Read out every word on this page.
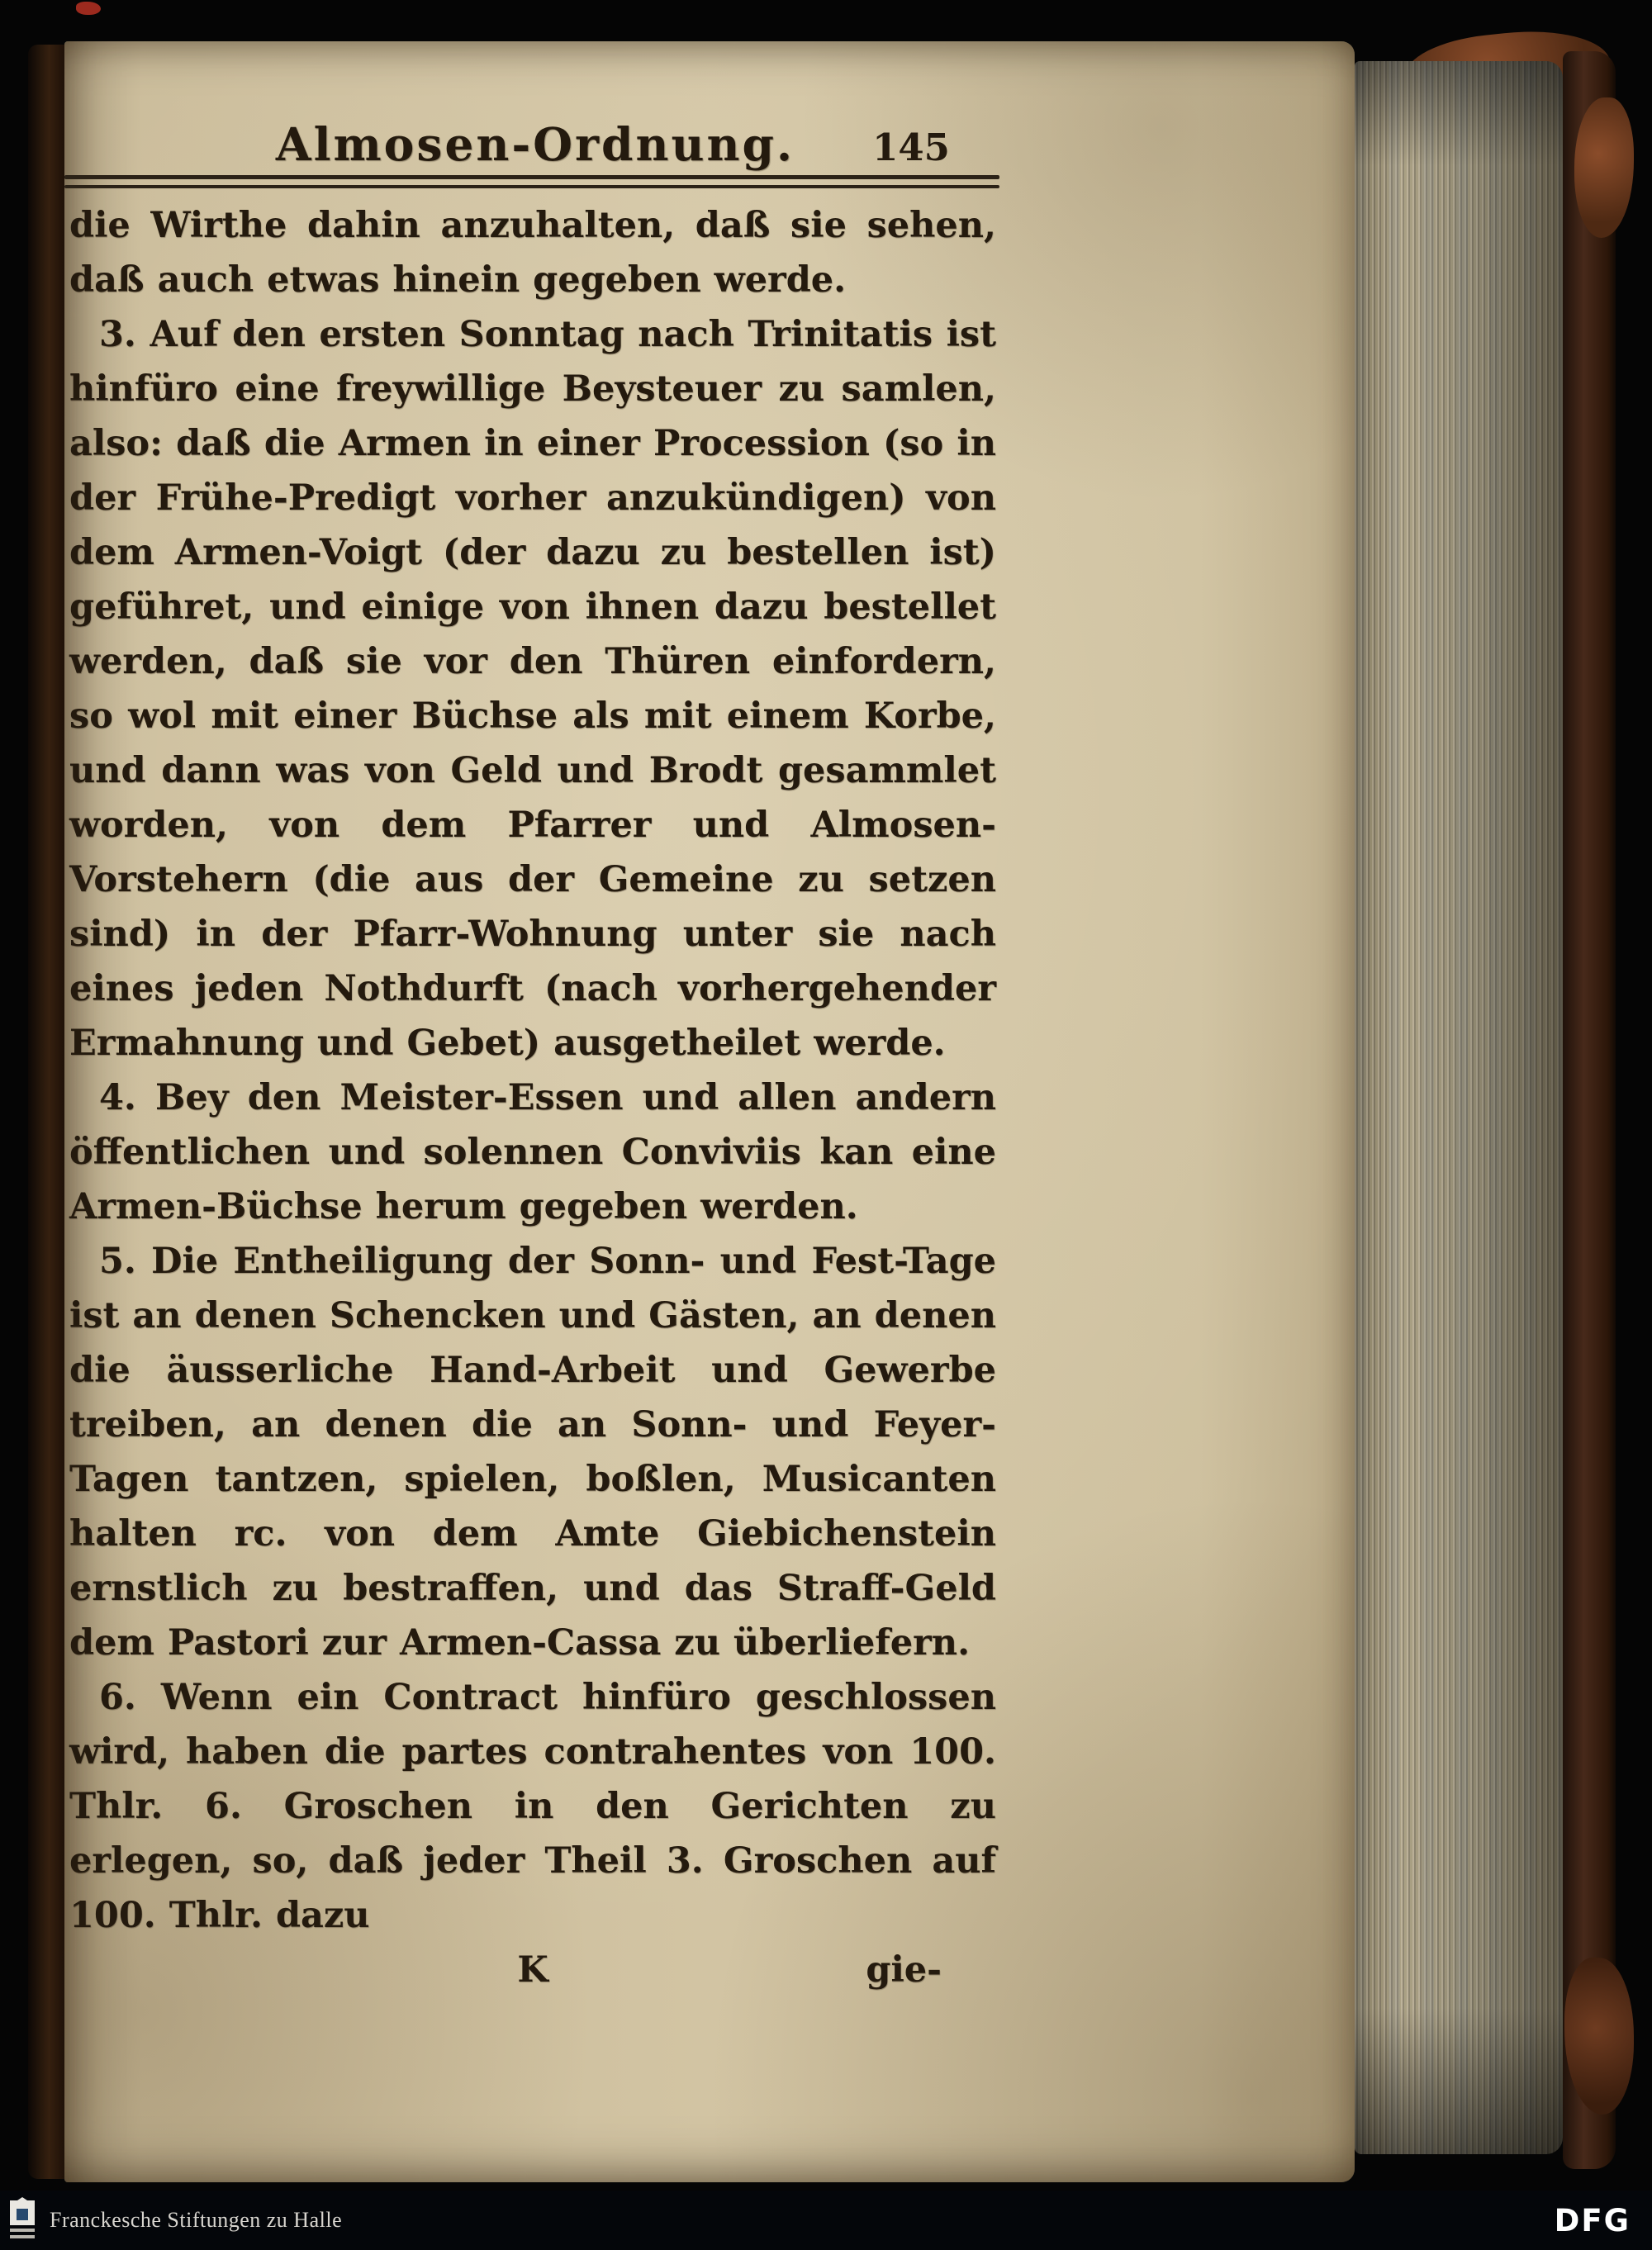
Almosen-Ordnung. 145

die Wirthe dahin anzuhalten, daß sie sehen, daß auch etwas hinein gegeben werde.

3. Auf den ersten Sonntag nach Trinitatis ist hinfüro eine freywillige Beysteuer zu samlen, also: daß die Armen in einer Procession (so in der Frühe-Predigt vorher anzukündigen) von dem Armen-Voigt (der dazu zu bestellen ist) geführet, und einige von ihnen dazu bestellet werden, daß sie vor den Thüren einfordern, so wol mit einer Büchse als mit einem Korbe, und dann was von Geld und Brodt gesammlet worden, von dem Pfarrer und Almosen-Vorstehern (die aus der Gemeine zu setzen sind) in der Pfarr-Wohnung unter sie nach eines jeden Nothdurft (nach vorhergehender Ermahnung und Gebet) ausgetheilet werde.

4. Bey den Meister-Essen und allen andern öffentlichen und solennen Conviviis kan eine Armen-Büchse herum gegeben werden.

5. Die Entheiligung der Sonn- und Fest-Tage ist an denen Schencken und Gästen, an denen die äusserliche Hand-Arbeit und Gewerbe treiben, an denen die an Sonn- und Feyer-Tagen tantzen, spielen, boßlen, Musicanten halten rc. von dem Amte Giebichenstein ernstlich zu bestraffen, und das Straff-Geld dem Pastori zur Armen-Cassa zu überliefern.

6. Wenn ein Contract hinfüro geschlossen wird, haben die partes contrahentes von 100. Thlr. 6. Groschen in den Gerichten zu erlegen, so, daß jeder Theil 3. Groschen auf 100. Thlr. dazu

K	gie-
Franckesche Stiftungen zu Halle	DFG
